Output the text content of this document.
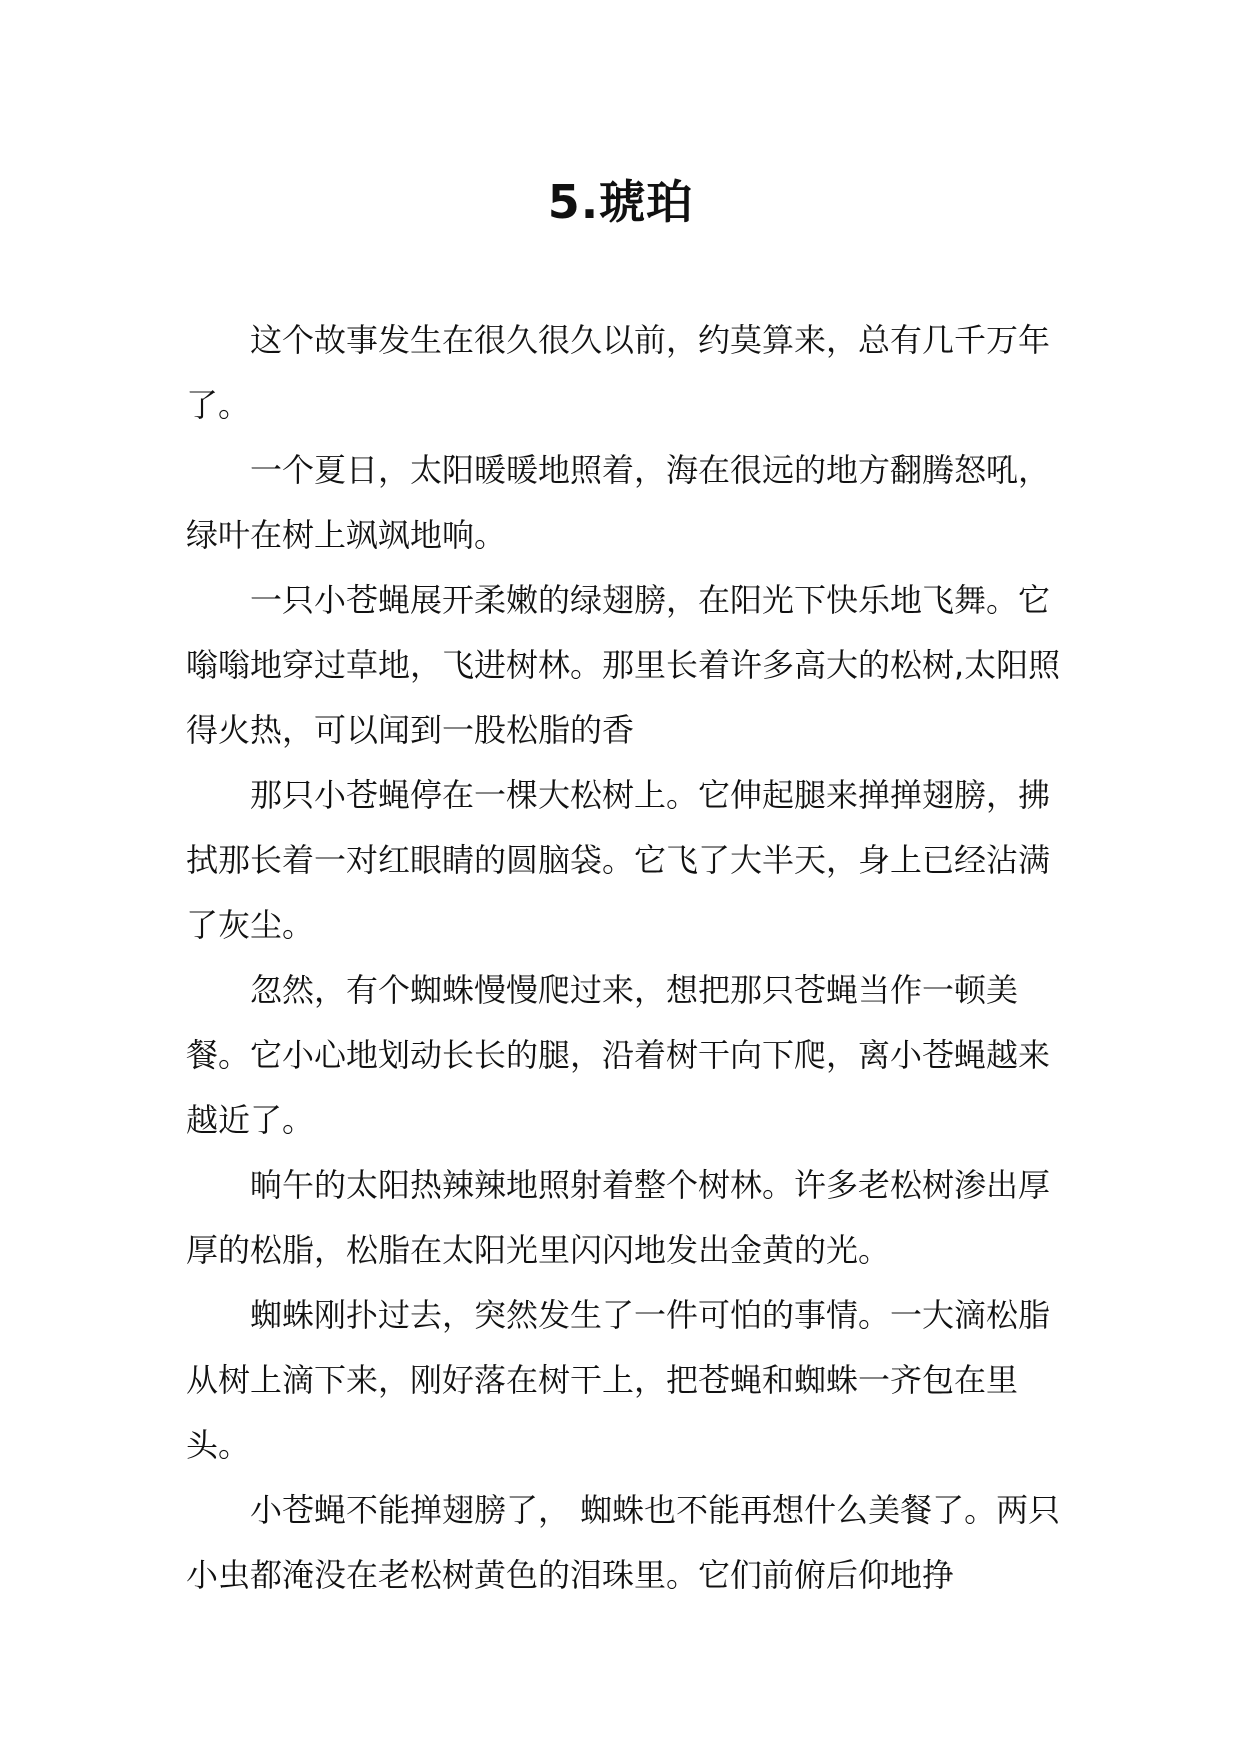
5.琥珀

这个故事发生在很久很久以前，约莫算来，总有几千万年了。

一个夏日，太阳暖暖地照着，海在很远的地方翻腾怒吼，绿叶在树上飒飒地响。

一只小苍蝇展开柔嫩的绿翅膀，在阳光下快乐地飞舞。它嗡嗡地穿过草地，飞进树林。那里长着许多高大的松树,太阳照得火热，可以闻到一股松脂的香

那只小苍蝇停在一棵大松树上。它伸起腿来掸掸翅膀，拂拭那长着一对红眼睛的圆脑袋。它飞了大半天，身上已经沾满了灰尘。

忽然，有个蜘蛛慢慢爬过来，想把那只苍蝇当作一顿美餐。它小心地划动长长的腿，沿着树干向下爬，离小苍蝇越来越近了。

晌午的太阳热辣辣地照射着整个树林。许多老松树渗出厚厚的松脂，松脂在太阳光里闪闪地发出金黄的光。

蜘蛛刚扑过去，突然发生了一件可怕的事情。一大滴松脂从树上滴下来，刚好落在树干上，把苍蝇和蜘蛛一齐包在里头。

小苍蝇不能掸翅膀了， 蜘蛛也不能再想什么美餐了。两只小虫都淹没在老松树黄色的泪珠里。它们前俯后仰地挣
